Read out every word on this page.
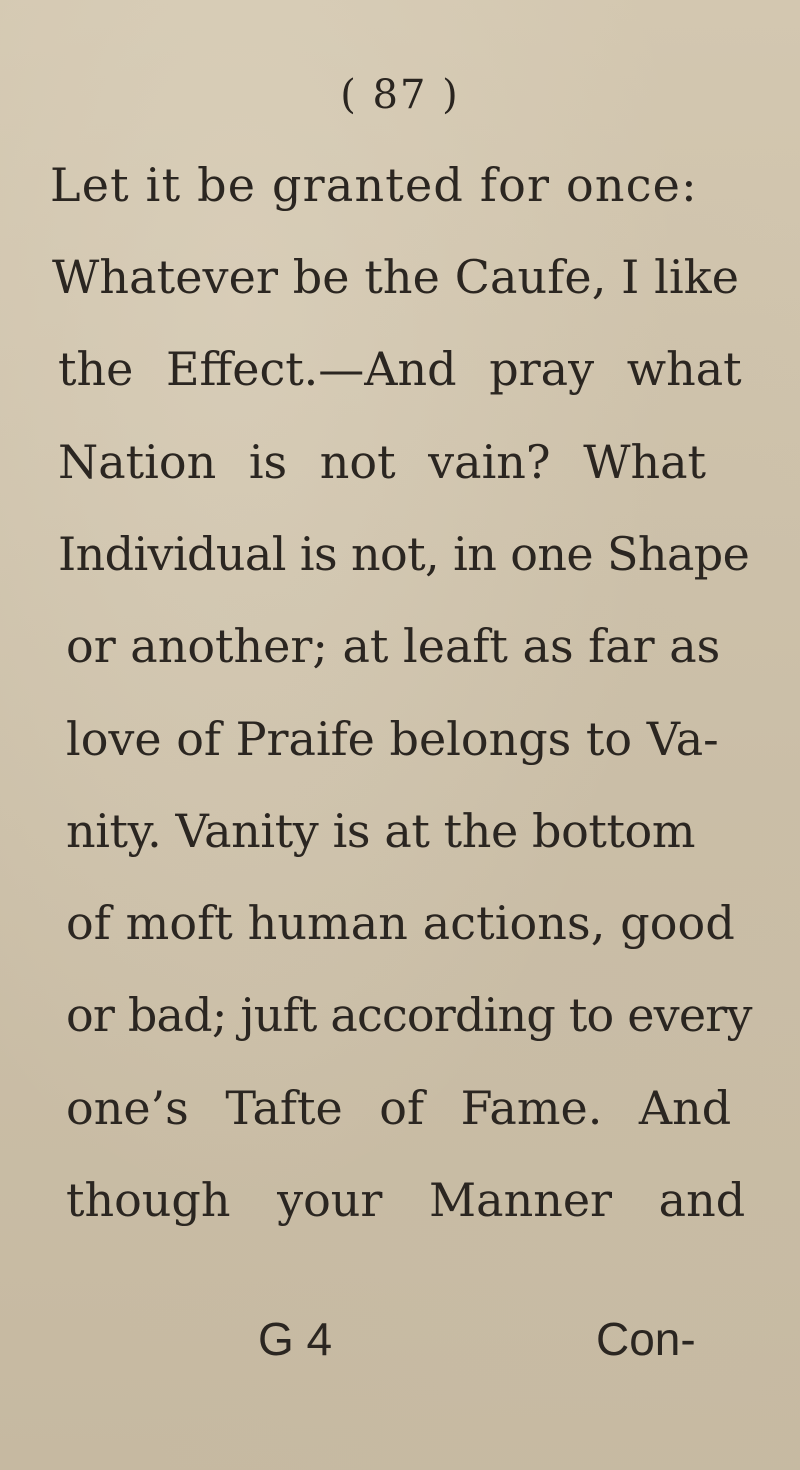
( 87 )
Let it be granted for once:
Whatever be the Caufe, I like
the Effect.—And pray what
Nation is not vain? What
Individual is not, in one Shape
or another; at leaft as far as
love of Praife belongs to Va-
nity. Vanity is at the bottom
of moft human actions, good
or bad; juft according to every
one’s Tafte of Fame. And
though your Manner and
G 4	Con-
